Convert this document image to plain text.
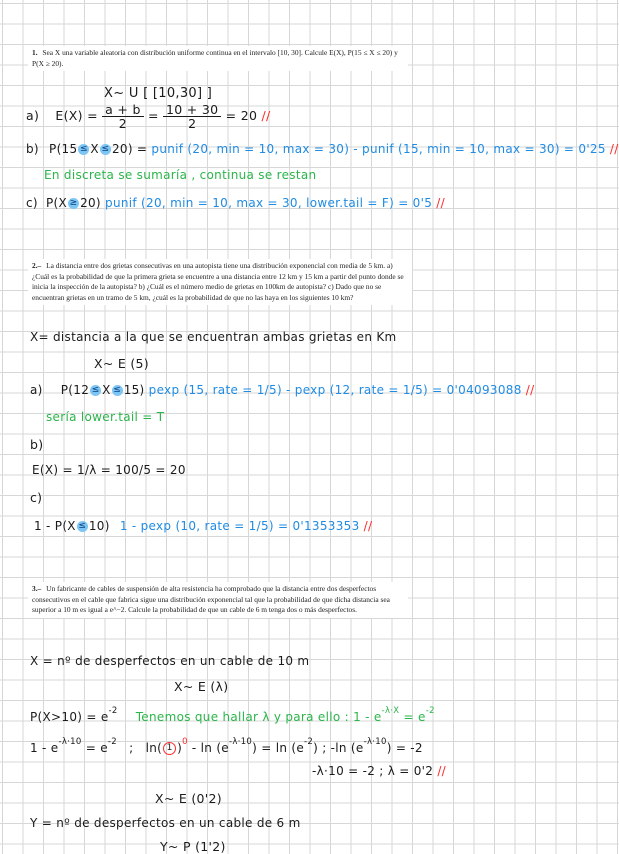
1. Sea X una variable aleatoria con distribución uniforme continua en el intervalo [10, 30]. Calcule E(X), P(15 ≤ X ≤ 20) y P(X ≥ 20).
X~ U [ [10,30] ]
a) $E(X) = \frac{a + b}{2} = \frac{10 + 30}{2} = 20$ //
b) P(15 ≤ X ≤ 20) = punif (20, min = 10, max = 30) - punif (15, min = 10, max = 30) = 0'25 //
En discreta se sumaría , continua se restan
c) P(X ≥ 20) punif (20, min = 10, max = 30, lower.tail = F) = 0'5 //
2.– La distancia entre dos grietas consecutivas en una autopista tiene una distribución exponencial con media de 5 km. a) ¿Cuál es la probabilidad de que la primera grieta se encuentre a una distancia entre 12 km y 15 km a partir del punto donde se inicia la inspección de la autopista? b) ¿Cuál es el número medio de grietas en 100km de autopista? c) Dado que no se encuentran grietas en un tramo de 5 km, ¿cuál es la probabilidad de que no las haya en los siguientes 10 km?
X= distancia a la que se encuentran ambas grietas en Km
X~ E (5)
a) P(12 ≤ X ≤ 15) pexp (15, rate = 1/5) - pexp (12, rate = 1/5) = 0'04093088 //
sería lower.tail = T
b)
E(X) = 1/λ = 100/5 = 20
c)
1 - P(X ≤ 10) 1 - pexp (10, rate = 1/5) = 0'1353353 //
3.– Un fabricante de cables de suspensión de alta resistencia ha comprobado que la distancia entre dos desperfectos consecutivos en el cable que fabrica sigue una distribución exponencial tal que la probabilidad de que dicha distancia sea superior a 10 m es igual a e^−2. Calcule la probabilidad de que un cable de 6 m tenga dos o más desperfectos.
X = nº de desperfectos en un cable de 10 m
X~ E (λ)
$P(X>10) = e^{-2}$ Tenemos que hallar λ y para ello : $1 - e^{-\lambda\cdot X} = e^{-2}$
$1 - e^{-\lambda\cdot 10} = e^{-2}$ ; ln( 1 )$^0 - \ln (e^{-\lambda\cdot 10}) = \ln (e^{-2})$ ; -ln $(e^{-\lambda\cdot 10}) = -2$
-λ·10 = -2 ; λ = 0'2 //
X~ E (0'2)
Y = nº de desperfectos en un cable de 6 m
Y~ P (1'2)
